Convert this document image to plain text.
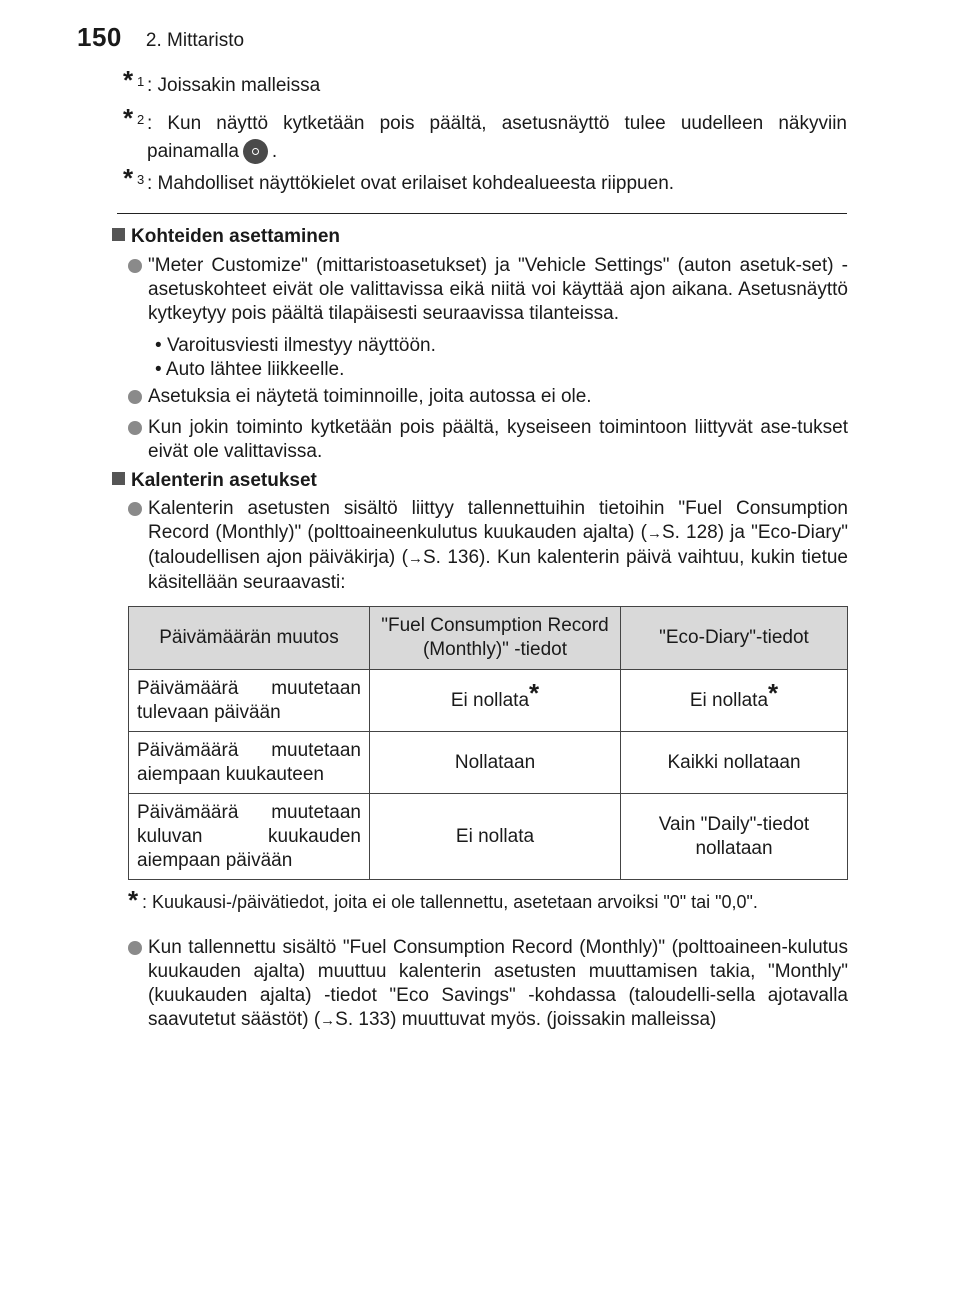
150 2. Mittaristo
* 1 : Joissakin malleissa
* 2 : Kun näyttö kytketään pois päältä, asetusnäyttö tulee uudelleen näkyviin painamalla .
* 3 : Mahdolliset näyttökielet ovat erilaiset kohdealueesta riippuen.
Kohteiden asettaminen
"Meter Customize" (mittaristoasetukset) ja "Vehicle Settings" (auton asetuk-set) -asetuskohteet eivät ole valittavissa eikä niitä voi käyttää ajon aikana. Asetusnäyttö kytkeytyy pois päältä tilapäisesti seuraavissa tilanteissa.
• Varoitusviesti ilmestyy näyttöön.
• Auto lähtee liikkeelle.
Asetuksia ei näytetä toiminnoille, joita autossa ei ole.
Kun jokin toiminto kytketään pois päältä, kyseiseen toimintoon liittyvät ase-tukset eivät ole valittavissa.
Kalenterin asetukset
Kalenterin asetusten sisältö liittyy tallennettuihin tietoihin "Fuel Consumption Record (Monthly)" (polttoaineenkulutus kuukauden ajalta) (→S. 128) ja "Eco-Diary" (taloudellisen ajon päiväkirja) (→S. 136). Kun kalenterin päivä vaihtuu, kukin tietue käsitellään seuraavasti:
Päivämäärän muutos	"Fuel Consumption Record (Monthly)" -tiedot	"Eco-Diary"-tiedot
Päivämäärä muutetaan tulevaan päivään	Ei nollata*	Ei nollata*
Päivämäärä muutetaan aiempaan kuukauteen	Nollataan	Kaikki nollataan
Päivämäärä muutetaan kuluvan kuukauden aiempaan päivään	Ei nollata	Vain "Daily"-tiedot nollataan
* : Kuukausi-/päivätiedot, joita ei ole tallennettu, asetetaan arvoiksi "0" tai "0,0".
Kun tallennettu sisältö "Fuel Consumption Record (Monthly)" (polttoaineen-kulutus kuukauden ajalta) muuttuu kalenterin asetusten muuttamisen takia, "Monthly" (kuukauden ajalta) -tiedot "Eco Savings" -kohdassa (taloudelli-sella ajotavalla saavutetut säästöt) (→S. 133) muuttuvat myös. (joissakin malleissa)
